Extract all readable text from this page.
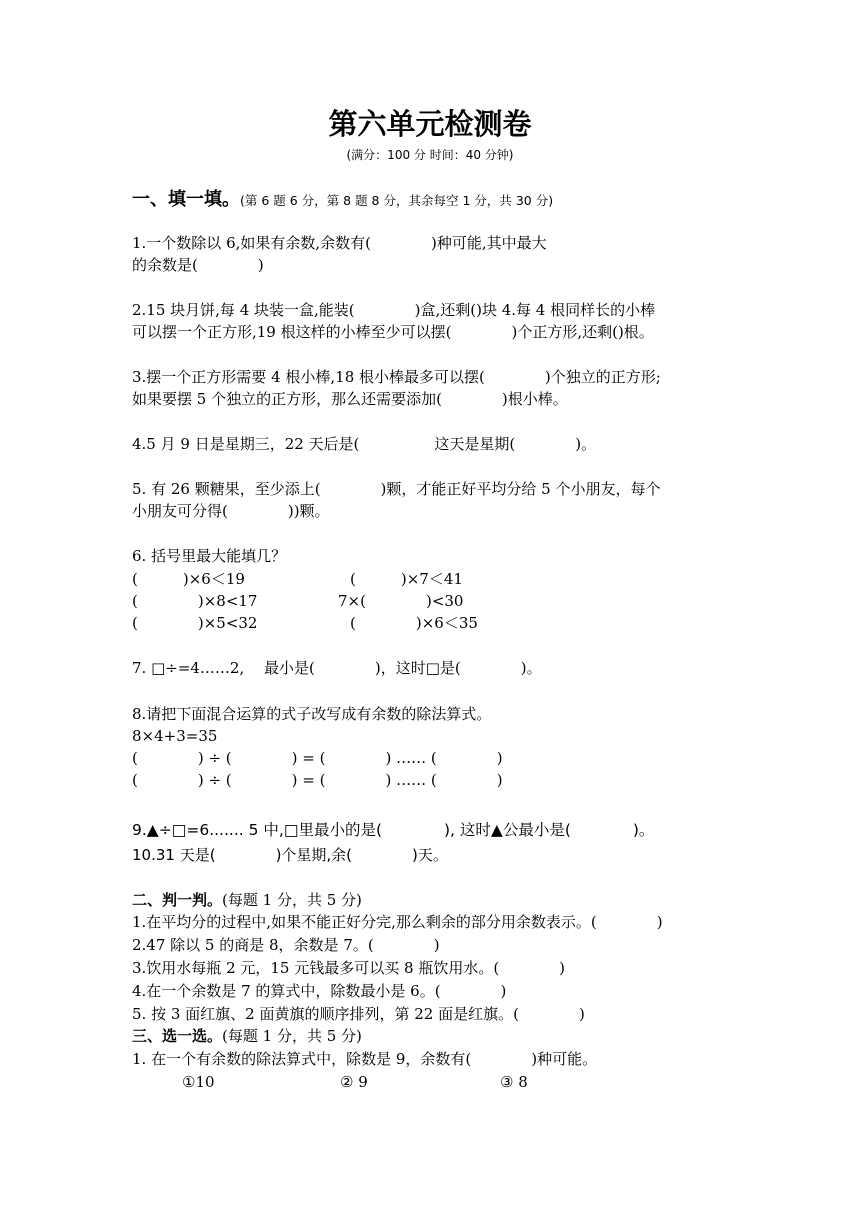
第六单元检测卷
(满分：100 分 时间：40 分钟)
一、填一填。(第 6 题 6 分，第 8 题 8 分，其余每空 1 分，共 30 分)
1.一个数除以 6,如果有余数,余数有(　　　　)种可能,其中最大
的余数是(　　　　)
2.15 块月饼,每 4 块装一盒,能装(　　　　)盒,还剩()块 4.每 4 根同样长的小棒
可以摆一个正方形,19 根这样的小棒至少可以摆(　　　　)个正方形,还剩()根。
3.摆一个正方形需要 4 根小棒,18 根小棒最多可以摆(　　　　)个独立的正方形;
如果要摆 5 个独立的正方形，那么还需要添加(　　　　)根小棒。
4.5 月 9 日是星期三，22 天后是(　　　　　这天是星期(　　　　)。
5. 有 26 颗糖果，至少添上(　　　　)颗，才能正好平均分给 5 个小朋友，每个
小朋友可分得(　　　　))颗。
6. 括号里最大能填几？
(　　　)×6＜19	(　　　)×7＜41
(　　　　)×8<17	7×(　　　　)<30
(　　　　)×5<32	(　　　　)×6＜35
7. □÷=4……2,　 最小是(　　　　)，这时□是(　　　　)。
8.请把下面混合运算的式子改写成有余数的除法算式。
8×4+3=35
(　　　　) ÷ (　　　　) = (　　　　) …… (　　　　)
(　　　　) ÷ (　　　　) = (　　　　) …… (　　　　)
9.▲÷□=6....... 5 中,□里最小的是(　　　　), 这时▲公最小是(　　　　)。
10.31 天是(　　　　)个星期,余(　　　　)天。
二、判一判。(每题 1 分，共 5 分)
1.在平均分的过程中,如果不能正好分完,那么剩余的部分用余数表示。(　　　　)
2.47 除以 5 的商是 8，余数是 7。(　　　　)
3.饮用水每瓶 2 元，15 元钱最多可以买 8 瓶饮用水。(　　　　)
4.在一个余数是 7 的算式中，除数最小是 6。(　　　　)
5. 按 3 面红旗、2 面黄旗的顺序排列，第 22 面是红旗。(　　　　)
三、选一选。(每题 1 分，共 5 分)
1. 在一个有余数的除法算式中，除数是 9，余数有(　　　　)种可能。
①10	② 9	③ 8
